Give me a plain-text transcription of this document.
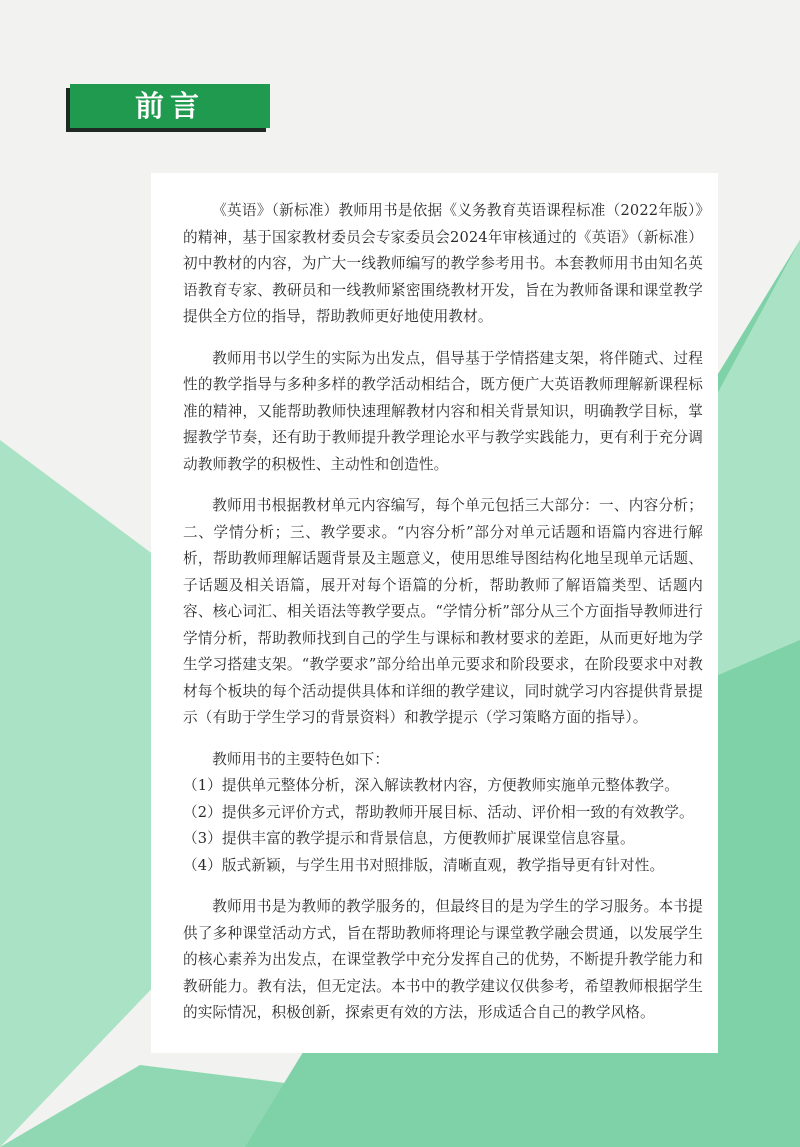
前言

《英语》（新标准）教师用书是依据《义务教育英语课程标准（2022年版）》的精神，基于国家教材委员会专家委员会2024年审核通过的《英语》（新标准）初中教材的内容，为广大一线教师编写的教学参考用书。本套教师用书由知名英语教育专家、教研员和一线教师紧密围绕教材开发，旨在为教师备课和课堂教学提供全方位的指导，帮助教师更好地使用教材。

教师用书以学生的实际为出发点，倡导基于学情搭建支架，将伴随式、过程性的教学指导与多种多样的教学活动相结合，既方便广大英语教师理解新课程标准的精神，又能帮助教师快速理解教材内容和相关背景知识，明确教学目标，掌握教学节奏，还有助于教师提升教学理论水平与教学实践能力，更有利于充分调动教师教学的积极性、主动性和创造性。

教师用书根据教材单元内容编写，每个单元包括三大部分：一、内容分析；二、学情分析；三、教学要求。“内容分析”部分对单元话题和语篇内容进行解析，帮助教师理解话题背景及主题意义，使用思维导图结构化地呈现单元话题、子话题及相关语篇，展开对每个语篇的分析，帮助教师了解语篇类型、话题内容、核心词汇、相关语法等教学要点。“学情分析”部分从三个方面指导教师进行学情分析，帮助教师找到自己的学生与课标和教材要求的差距，从而更好地为学生学习搭建支架。“教学要求”部分给出单元要求和阶段要求，在阶段要求中对教材每个板块的每个活动提供具体和详细的教学建议，同时就学习内容提供背景提示（有助于学生学习的背景资料）和教学提示（学习策略方面的指导）。

教师用书的主要特色如下：

（1）提供单元整体分析，深入解读教材内容，方便教师实施单元整体教学。
（2）提供多元评价方式，帮助教师开展目标、活动、评价相一致的有效教学。
（3）提供丰富的教学提示和背景信息，方便教师扩展课堂信息容量。
（4）版式新颖，与学生用书对照排版，清晰直观，教学指导更有针对性。

教师用书是为教师的教学服务的，但最终目的是为学生的学习服务。本书提供了多种课堂活动方式，旨在帮助教师将理论与课堂教学融会贯通，以发展学生的核心素养为出发点，在课堂教学中充分发挥自己的优势，不断提升教学能力和教研能力。教有法，但无定法。本书中的教学建议仅供参考，希望教师根据学生的实际情况，积极创新，探索更有效的方法，形成适合自己的教学风格。
